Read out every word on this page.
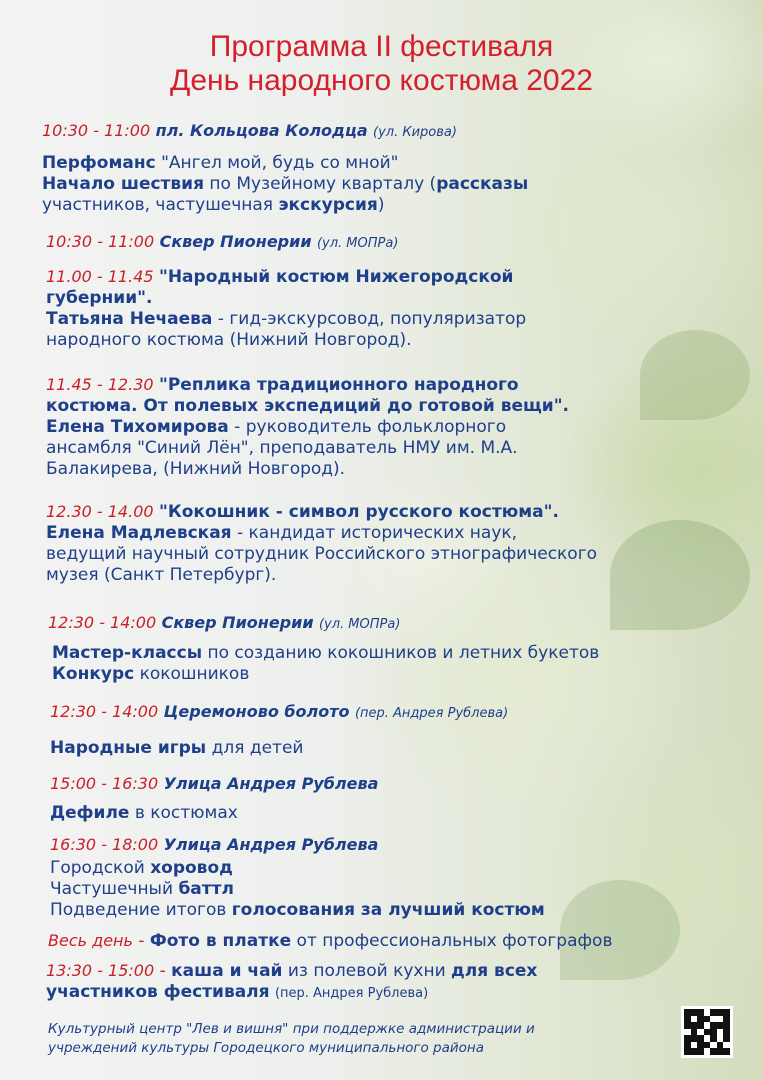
Программа II фестиваля
День народного костюма 2022
10:30 - 11:00 пл. Кольцова Колодца (ул. Кирова)
Перфоманс "Ангел мой, будь со мной"
Начало шествия по Музейному кварталу (рассказы
участников, частушечная экскурсия)
10:30 - 11:00 Сквер Пионерии (ул. МОПРа)
11.00 - 11.45 "Народный костюм Нижегородской
губернии".
Татьяна Нечаева - гид-экскурсовод, популяризатор
народного костюма (Нижний Новгород).
11.45 - 12.30 "Реплика традиционного народного
костюма. От полевых экспедиций до готовой вещи".
Елена Тихомирова - руководитель фольклорного
ансамбля "Синий Лён", преподаватель НМУ им. М.А.
Балакирева, (Нижний Новгород).
12.30 - 14.00 "Кокошник - символ русского костюма".
Елена Мадлевская - кандидат исторических наук,
ведущий научный сотрудник Российского этнографического
музея (Санкт Петербург).
12:30 - 14:00 Сквер Пионерии (ул. МОПРа)
Мастер-классы по созданию кокошников и летних букетов
Конкурс кокошников
12:30 - 14:00 Церемоново болото (пер. Андрея Рублева)
Народные игры для детей
15:00 - 16:30 Улица Андрея Рублева
Дефиле в костюмах
16:30 - 18:00 Улица Андрея Рублева
Городской хоровод
Частушечный баттл
Подведение итогов голосования за лучший костюм
Весь день - Фото в платке от профессиональных фотографов
13:30 - 15:00 - каша и чай из полевой кухни для всех
участников фестиваля (пер. Андрея Рублева)
Культурный центр "Лев и вишня" при поддержке администрации и
учреждений культуры Городецкого муниципального района
